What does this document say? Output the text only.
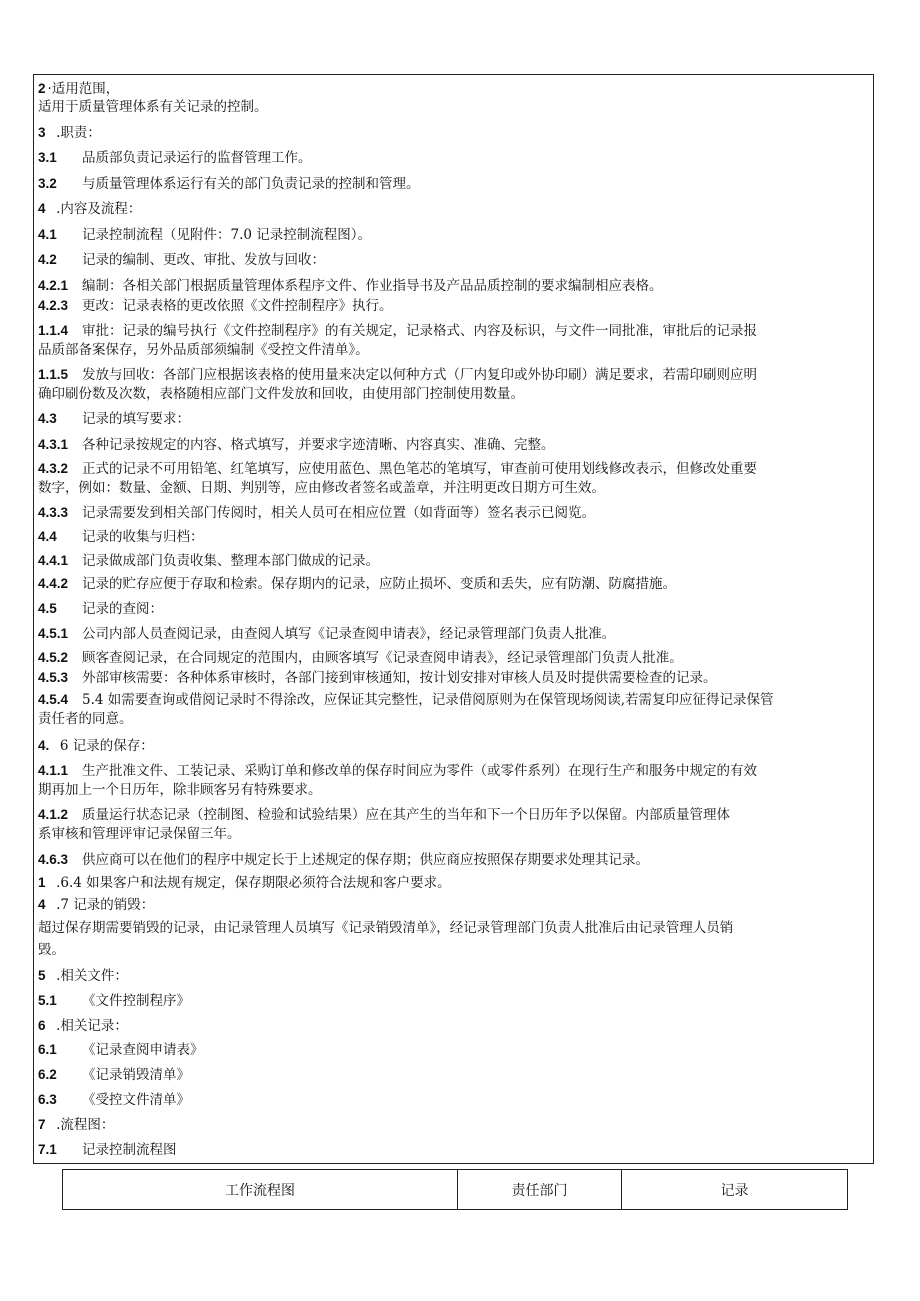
2 ·适用范围，
适用于质量管理体系有关记录的控制。
3  .职责：
3.1 品质部负责记录运行的监督管理工作。
3.2 与质量管理体系运行有关的部门负责记录的控制和管理。
4  .内容及流程：
4.1 记录控制流程（见附件：7.0 记录控制流程图）。
4.2 记录的编制、更改、审批、发放与回收：
4.2.1 编制：各相关部门根据质量管理体系程序文件、作业指导书及产品品质控制的要求编制相应表格。
4.2.3 更改：记录表格的更改依照《文件控制程序》执行。
1.1.4 审批：记录的编号执行《文件控制程序》的有关规定，记录格式、内容及标识，与文件一同批准，审批后的记录报
品质部备案保存，另外品质部须编制《受控文件清单》。
1.1.5 发放与回收：各部门应根据该表格的使用量来决定以何种方式（厂内复印或外协印刷）满足要求，若需印刷则应明
确印刷份数及次数，表格随相应部门文件发放和回收，由使用部门控制使用数量。
4.3 记录的填写要求：
4.3.1 各种记录按规定的内容、格式填写，并要求字迹清晰、内容真实、准确、完整。
4.3.2 正式的记录不可用铅笔、红笔填写，应使用蓝色、黑色笔芯的笔填写，审查前可使用划线修改表示，但修改处重要
数字，例如：数量、金额、日期、判别等，应由修改者签名或盖章，并注明更改日期方可生效。
4.3.3 记录需要发到相关部门传阅时，相关人员可在相应位置（如背面等）签名表示已阅览。
4.4 记录的收集与归档：
4.4.1 记录做成部门负责收集、整理本部门做成的记录。
4.4.2 记录的贮存应便于存取和检索。保存期内的记录，应防止损坏、变质和丢失，应有防潮、防腐措施。
4.5 记录的查阅：
4.5.1 公司内部人员查阅记录，由查阅人填写《记录查阅申请表》，经记录管理部门负责人批准。
4.5.2 顾客查阅记录，在合同规定的范围内，由顾客填写《记录查阅申请表》，经记录管理部门负责人批准。
4.5.3 外部审核需要：各种体系审核时，各部门接到审核通知，按计划安排对审核人员及时提供需要检查的记录。
4.5.4 5.4 如需要查询或借阅记录时不得涂改，应保证其完整性，记录借阅原则为在保管现场阅读,若需复印应征得记录保管
责任者的同意。
4.  6 记录的保存：
4.1.1 生产批准文件、工装记录、采购订单和修改单的保存时间应为零件（或零件系列）在现行生产和服务中规定的有效
期再加上一个日历年，除非顾客另有特殊要求。
4.1.2 质量运行状态记录（控制图、检验和试验结果）应在其产生的当年和下一个日历年予以保留。内部质量管理体
系审核和管理评审记录保留三年。
4.6.3 供应商可以在他们的程序中规定长于上述规定的保存期；供应商应按照保存期要求处理其记录。
1  .6.4 如果客户和法规有规定，保存期限必须符合法规和客户要求。
4  .7 记录的销毁：
超过保存期需要销毁的记录，由记录管理人员填写《记录销毁清单》，经记录管理部门负责人批准后由记录管理人员销
毁。
5  .相关文件：
5.1 《文件控制程序》
6  .相关记录：
6.1 《记录查阅申请表》
6.2 《记录销毁清单》
6.3 《受控文件清单》
7  .流程图：
7.1 记录控制流程图
工作流程图	责任部门	记录
